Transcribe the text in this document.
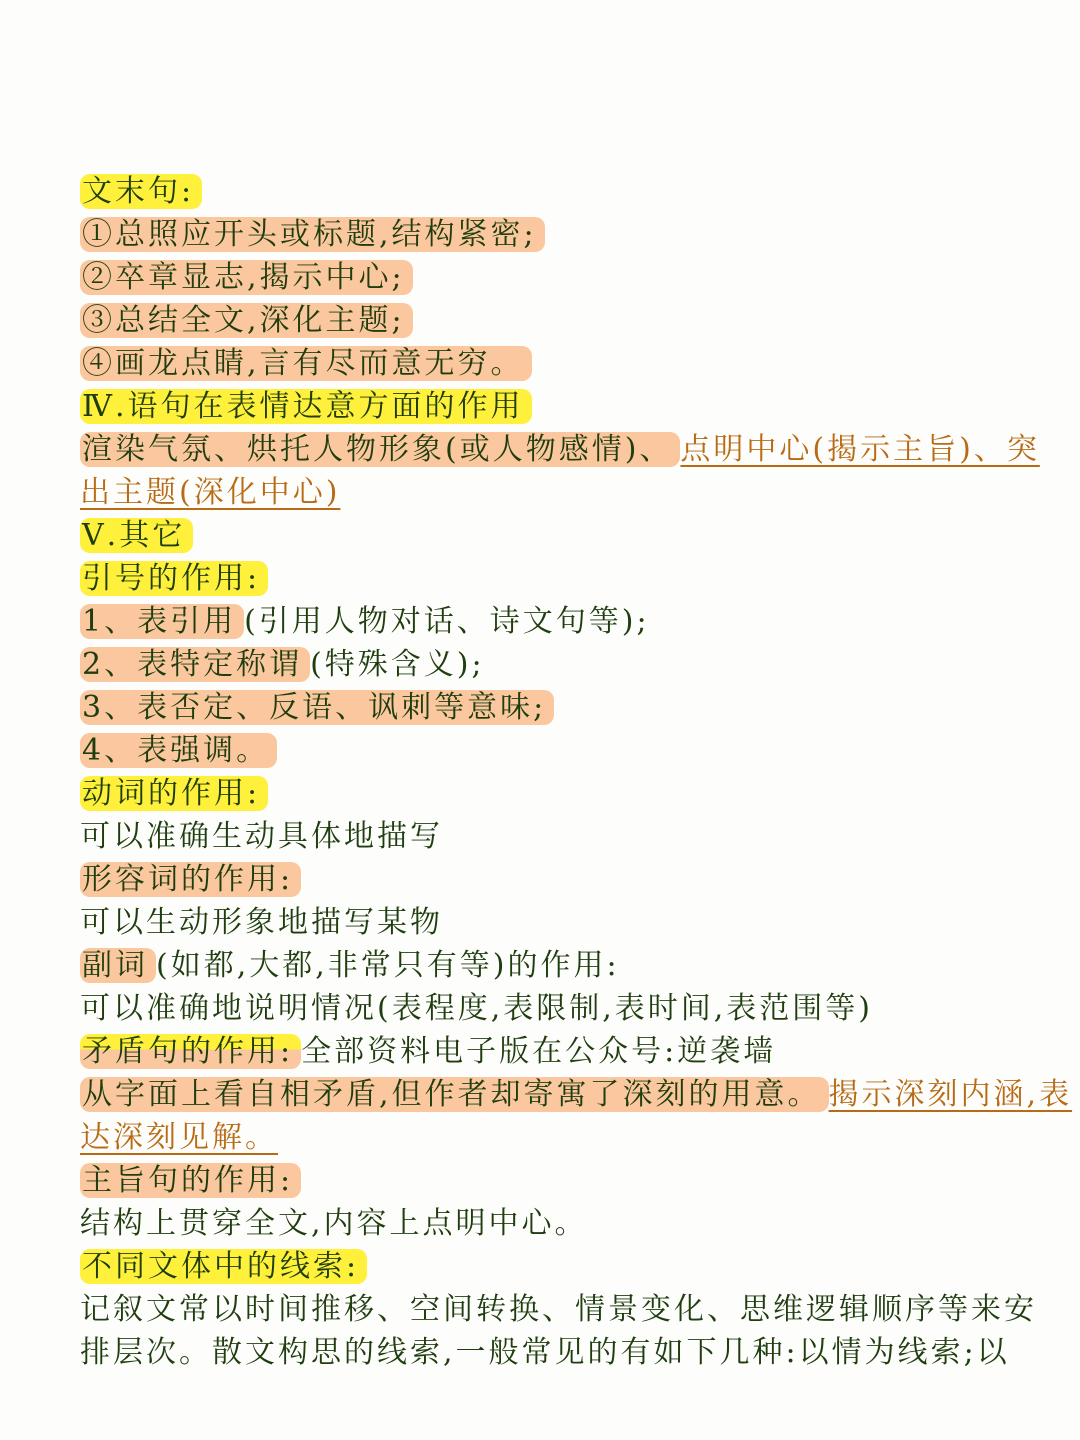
文末句:
①总照应开头或标题,结构紧密;
②卒章显志,揭示中心;
③总结全文,深化主题;
④画龙点睛,言有尽而意无穷。
Ⅳ.语句在表情达意方面的作用
渲染气氛、烘托人物形象(或人物感情)、 点明中心(揭示主旨)、突
出主题(深化中心)
Ⅴ.其它
引号的作用:
1、表引用 (引用人物对话、诗文句等);
2、表特定称谓 (特殊含义);
3、表否定、反语、讽刺等意味;
4、表强调。
动词的作用:
可以准确生动具体地描写
形容词的作用:
可以生动形象地描写某物
副词 (如都,大都,非常只有等)的作用:
可以准确地说明情况(表程度,表限制,表时间,表范围等)
矛盾句的作用: 全部资料电子版在公众号:逆袭墙
从字面上看自相矛盾,但作者却寄寓了深刻的用意。 揭示深刻内涵,表
达深刻见解。
主旨句的作用:
结构上贯穿全文,内容上点明中心。
不同文体中的线索:
记叙文常以时间推移、空间转换、情景变化、思维逻辑顺序等来安
排层次。散文构思的线索,一般常见的有如下几种:以情为线索;以
